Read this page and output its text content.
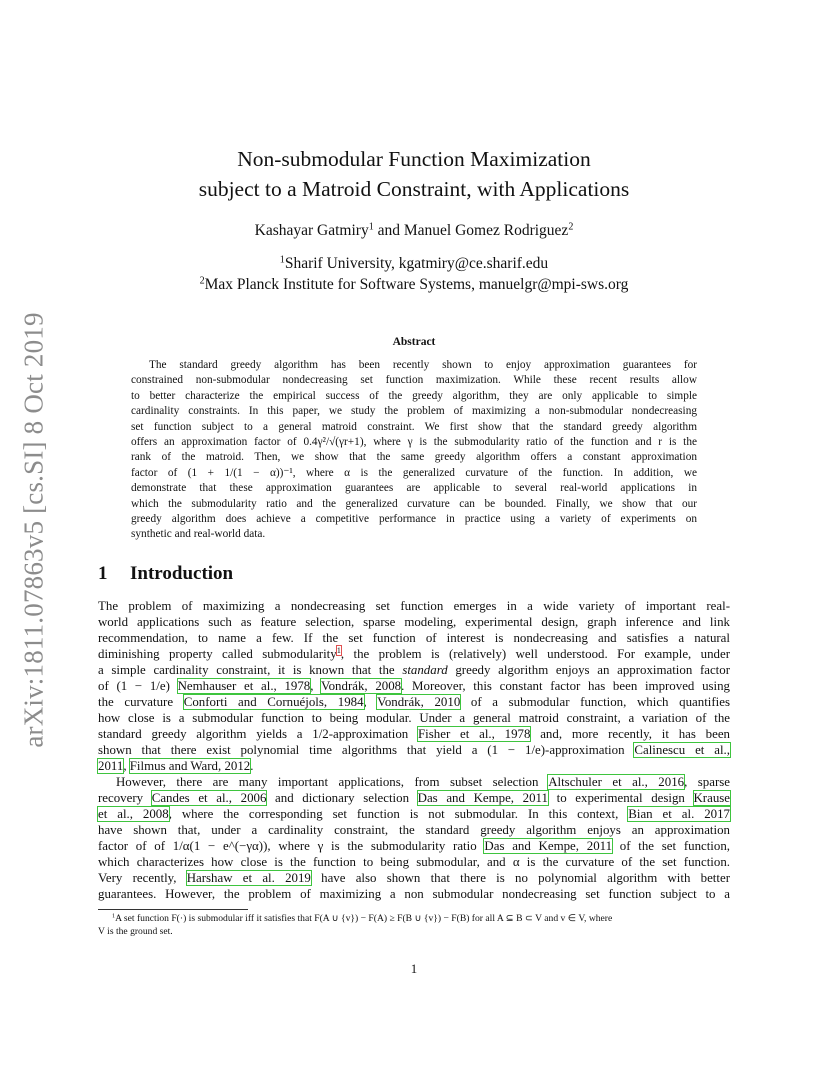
arXiv:1811.07863v5 [cs.SI] 8 Oct 2019
Non-submodular Function Maximization
subject to a Matroid Constraint, with Applications
Kashayar Gatmiry$^1$ and Manuel Gomez Rodriguez$^2$
$^1$Sharif University, kgatmiry@ce.sharif.edu
$^2$Max Planck Institute for Software Systems, manuelgr@mpi-sws.org
Abstract
The standard greedy algorithm has been recently shown to enjoy approximation guarantees for
constrained non-submodular nondecreasing set function maximization. While these recent results allow
to better characterize the empirical success of the greedy algorithm, they are only applicable to simple
cardinality constraints. In this paper, we study the problem of maximizing a non-submodular nondecreasing
set function subject to a general matroid constraint. We first show that the standard greedy algorithm
offers an approximation factor of 0.4γ²/√(γr+1), where γ is the submodularity ratio of the function and r is the
rank of the matroid. Then, we show that the same greedy algorithm offers a constant approximation
factor of (1 + 1/(1 − α))⁻¹, where α is the generalized curvature of the function. In addition, we
demonstrate that these approximation guarantees are applicable to several real-world applications in
which the submodularity ratio and the generalized curvature can be bounded. Finally, we show that our
greedy algorithm does achieve a competitive performance in practice using a variety of experiments on
synthetic and real-world data.
1 Introduction
The problem of maximizing a nondecreasing set function emerges in a wide variety of important real-
world applications such as feature selection, sparse modeling, experimental design, graph inference and link
recommendation, to name a few. If the set function of interest is nondecreasing and satisfies a natural
diminishing property called submodularity$^1$, the problem is (relatively) well understood. For example, under
a simple cardinality constraint, it is known that the standard greedy algorithm enjoys an approximation factor
of (1 − 1/e) Nemhauser et al., 1978, Vondrák, 2008. Moreover, this constant factor has been improved using
the curvature Conforti and Cornuéjols, 1984, Vondrák, 2010 of a submodular function, which quantifies
how close is a submodular function to being modular. Under a general matroid constraint, a variation of the
standard greedy algorithm yields a 1/2-approximation Fisher et al., 1978 and, more recently, it has been
shown that there exist polynomial time algorithms that yield a (1 − 1/e)-approximation Calinescu et al.,
2011, Filmus and Ward, 2012.
However, there are many important applications, from subset selection Altschuler et al., 2016, sparse
recovery Candes et al., 2006 and dictionary selection Das and Kempe, 2011 to experimental design Krause
et al., 2008, where the corresponding set function is not submodular. In this context, Bian et al. 2017
have shown that, under a cardinality constraint, the standard greedy algorithm enjoys an approximation
factor of of 1/α(1 − e^(−γα)), where γ is the submodularity ratio Das and Kempe, 2011 of the set function,
which characterizes how close is the function to being submodular, and α is the curvature of the set function.
Very recently, Harshaw et al. 2019 have also shown that there is no polynomial algorithm with better
guarantees. However, the problem of maximizing a non submodular nondecreasing set function subject to a
$^1$A set function F(·) is submodular iff it satisfies that F(A ∪ {v}) − F(A) ≥ F(B ∪ {v}) − F(B) for all A ⊆ B ⊂ V and v ∈ V, where
V is the ground set.
1
